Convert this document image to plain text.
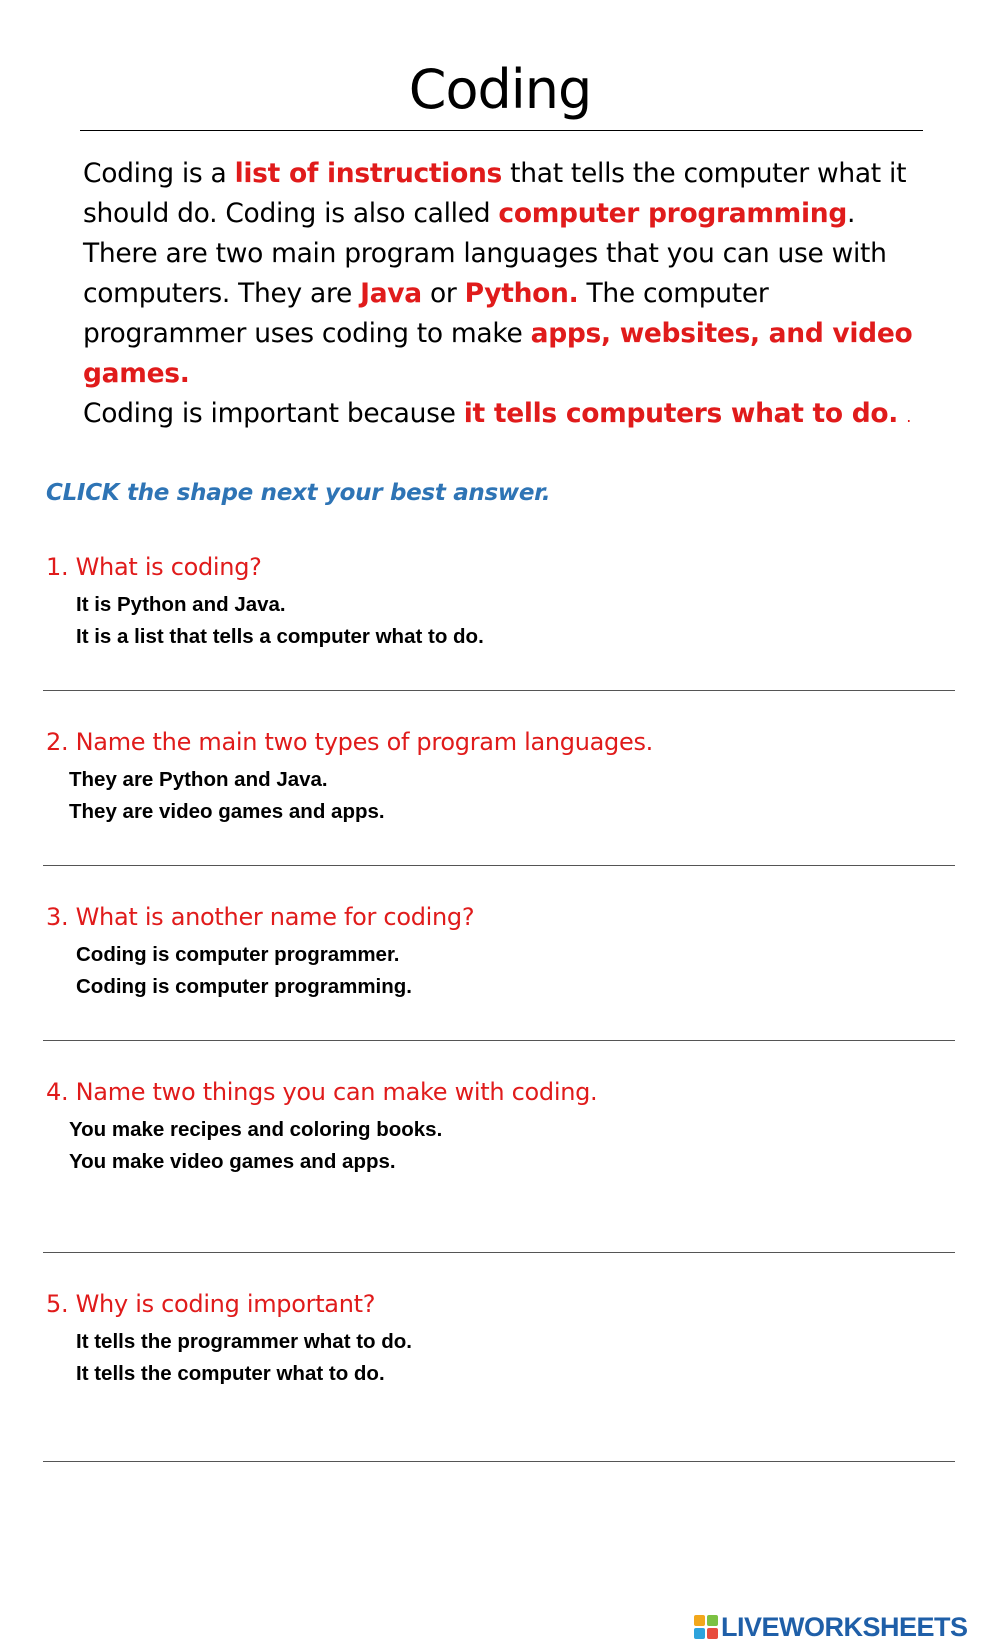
Coding

Coding is a list of instructions that tells the computer what it should do. Coding is also called computer programming. There are two main program languages that you can use with computers. They are Java or Python. The computer programmer uses coding to make apps, websites, and video games.

Coding is important because it tells computers what to do. .

CLICK the shape next your best answer.
1. What is coding?
It is Python and Java.
It is a list that tells a computer what to do.
2. Name the main two types of program languages.
They are Python and Java.
They are video games and apps.
3. What is another name for coding?
Coding is computer programmer.
Coding is computer programming.
4. Name two things you can make with coding.
You make recipes and coloring books.
You make video games and apps.
5. Why is coding important?
It tells the programmer what to do.
It tells the computer what to do.
LIVEWORKSHEETS
